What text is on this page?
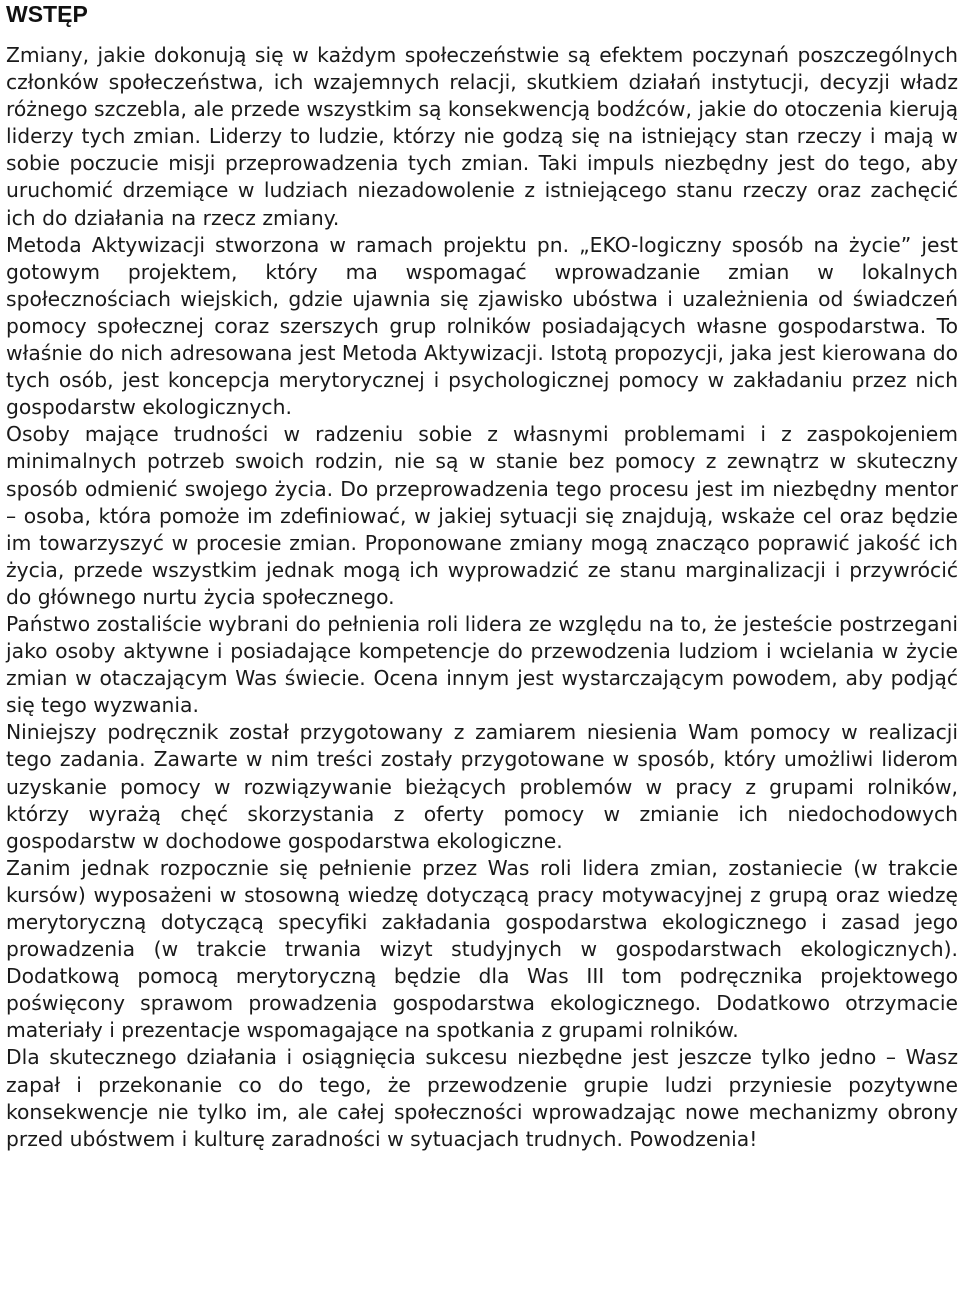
WSTĘP

Zmiany, jakie dokonują się w każdym społeczeństwie są efektem poczynań poszczególnych członków społeczeństwa, ich wzajemnych relacji, skutkiem działań instytucji, decyzji władz różnego szczebla, ale przede wszystkim są konsekwencją bodźców, jakie do otoczenia kierują liderzy tych zmian. Liderzy to ludzie, którzy nie godzą się na istniejący stan rzeczy i mają w sobie poczucie misji przeprowadzenia tych zmian. Taki impuls niezbędny jest do tego, aby uruchomić drzemiące w ludziach niezadowolenie z istniejącego stanu rzeczy oraz zachęcić ich do działania na rzecz zmiany.

Metoda Aktywizacji stworzona w ramach projektu pn. „EKO-logiczny sposób na życie” jest gotowym projektem, który ma wspomagać wprowadzanie zmian w lokalnych społecznościach wiejskich, gdzie ujawnia się zjawisko ubóstwa i uzależnienia od świadczeń pomocy społecznej coraz szerszych grup rolników posiadających własne gospodarstwa. To właśnie do nich adresowana jest Metoda Aktywizacji. Istotą propozycji, jaka jest kierowana do tych osób, jest koncepcja merytorycznej i psychologicznej pomocy w zakładaniu przez nich gospodarstw ekologicznych.

Osoby mające trudności w radzeniu sobie z własnymi problemami i z zaspokojeniem minimalnych potrzeb swoich rodzin, nie są w stanie bez pomocy z zewnątrz w skuteczny sposób odmienić swojego życia. Do przeprowadzenia tego procesu jest im niezbędny mentor – osoba, która pomoże im zdefiniować, w jakiej sytuacji się znajdują, wskaże cel oraz będzie im towarzyszyć w procesie zmian. Proponowane zmiany mogą znacząco poprawić jakość ich życia, przede wszystkim jednak mogą ich wyprowadzić ze stanu marginalizacji i przywrócić do głównego nurtu życia społecznego.

Państwo zostaliście wybrani do pełnienia roli lidera ze względu na to, że jesteście postrzegani jako osoby aktywne i posiadające kompetencje do przewodzenia ludziom i wcielania w życie zmian w otaczającym Was świecie. Ocena innym jest wystarczającym powodem, aby podjąć się tego wyzwania.

Niniejszy podręcznik został przygotowany z zamiarem niesienia Wam pomocy w realizacji tego zadania. Zawarte w nim treści zostały przygotowane w sposób, który umożliwi liderom uzyskanie pomocy w rozwiązywanie bieżących problemów w pracy z grupami rolników, którzy wyrażą chęć skorzystania z oferty pomocy w zmianie ich niedochodowych gospodarstw w dochodowe gospodarstwa ekologiczne.

Zanim jednak rozpocznie się pełnienie przez Was roli lidera zmian, zostaniecie (w trakcie kursów) wyposażeni w stosowną wiedzę dotyczącą pracy motywacyjnej z grupą oraz wiedzę merytoryczną dotyczącą specyfiki zakładania gospodarstwa ekologicznego i zasad jego prowadzenia (w trakcie trwania wizyt studyjnych w gospodarstwach ekologicznych). Dodatkową pomocą merytoryczną będzie dla Was III tom podręcznika projektowego poświęcony sprawom prowadzenia gospodarstwa ekologicznego. Dodatkowo otrzymacie materiały i prezentacje wspomagające na spotkania z grupami rolników.

Dla skutecznego działania i osiągnięcia sukcesu niezbędne jest jeszcze tylko jedno – Wasz zapał i przekonanie co do tego, że przewodzenie grupie ludzi przyniesie pozytywne konsekwencje nie tylko im, ale całej społeczności wprowadzając nowe mechanizmy obrony przed ubóstwem i kulturę zaradności w sytuacjach trudnych. Powodzenia!
